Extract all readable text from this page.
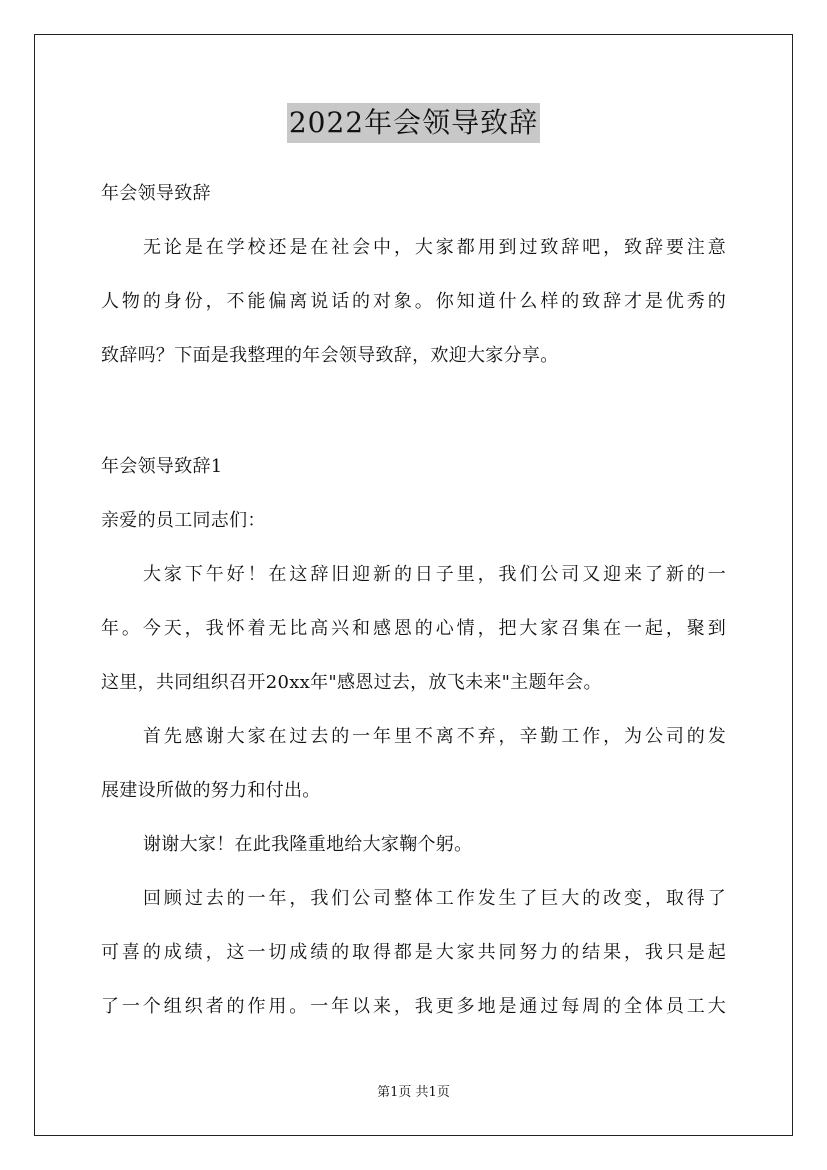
2022年会领导致辞
年会领导致辞
无论是在学校还是在社会中，大家都用到过致辞吧，致辞要注意
人物的身份，不能偏离说话的对象。你知道什么样的致辞才是优秀的
致辞吗？下面是我整理的年会领导致辞，欢迎大家分享。
年会领导致辞1
亲爱的员工同志们：
大家下午好！在这辞旧迎新的日子里，我们公司又迎来了新的一
年。今天，我怀着无比高兴和感恩的心情，把大家召集在一起，聚到
这里，共同组织召开20xx年"感恩过去，放飞未来"主题年会。
首先感谢大家在过去的一年里不离不弃，辛勤工作，为公司的发
展建设所做的努力和付出。
谢谢大家！在此我隆重地给大家鞠个躬。
回顾过去的一年，我们公司整体工作发生了巨大的改变，取得了
可喜的成绩，这一切成绩的取得都是大家共同努力的结果，我只是起
了一个组织者的作用。一年以来，我更多地是通过每周的全体员工大
第1页 共1页
